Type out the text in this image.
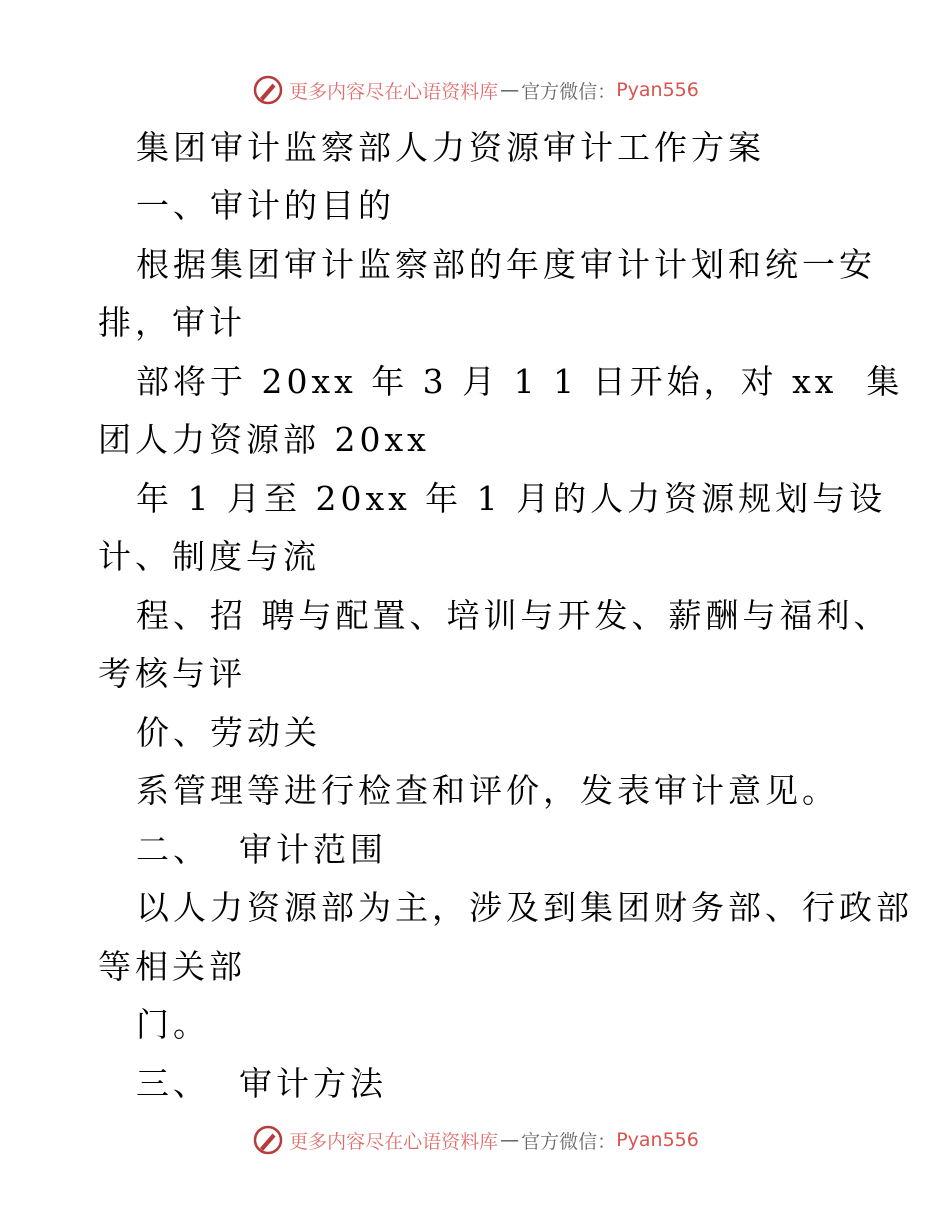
更多内容尽在心语资料库 — 官方微信： Pyan556
集团审计监察部人力资源审计工作方案
一、审计的目的
根据集团审计监察部的年度审计计划和统一安
排，审计
部将于 20xx 年 3 月 1 1 日开始，对 xx  集
团人力资源部 20xx
年 1 月至 20xx 年 1 月的人力资源规划与设
计、制度与流
程、招 聘与配置、培训与开发、薪酬与福利、
考核与评
价、劳动关
系管理等进行检查和评价，发表审计意见。
二、  审计范围
以人力资源部为主，涉及到集团财务部、行政部
等相关部
门。
三、  审计方法
更多内容尽在心语资料库 — 官方微信： Pyan556
